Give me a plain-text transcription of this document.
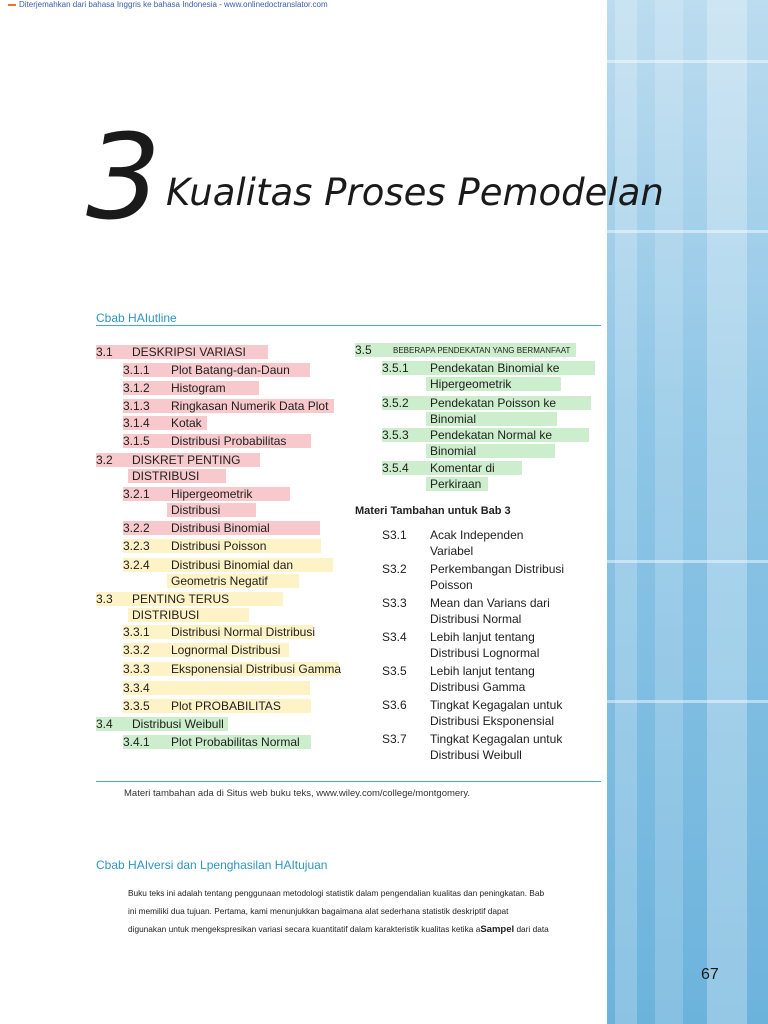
Diterjemahkan dari bahasa Inggris ke bahasa Indonesia - www.onlinedoctranslator.com
3 Kualitas Proses Pemodelan
Cbab HAIutline
3.1 DESKRIPSI VARIASI
3.1.1 Plot Batang-dan-Daun
3.1.2 Histogram
3.1.3 Ringkasan Numerik Data Plot
3.1.4 Kotak
3.1.5 Distribusi Probabilitas
3.2 DISKRET PENTING
DISTRIBUSI
3.2.1 Hipergeometrik
Distribusi
3.2.2 Distribusi Binomial
3.2.3 Distribusi Poisson
3.2.4 Distribusi Binomial dan
Geometris Negatif
3.3 PENTING TERUS
DISTRIBUSI
3.3.1 Distribusi Normal Distribusi
3.3.2 Lognormal Distribusi
3.3.3 Eksponensial Distribusi Gamma
3.3.4
3.3.5 Plot PROBABILITAS
3.4 Distribusi Weibull
3.4.1 Plot Probabilitas Normal
3.5	BEBERAPA PENDEKATAN YANG BERMANFAAT
3.5.1 Pendekatan Binomial ke
Hipergeometrik
3.5.2 Pendekatan Poisson ke
Binomial
3.5.3 Pendekatan Normal ke
Binomial
3.5.4 Komentar di
Perkiraan
Materi Tambahan untuk Bab 3
S3.1 Acak Independen
Variabel
S3.2 Perkembangan Distribusi
Poisson
S3.3 Mean dan Varians dari
Distribusi Normal
S3.4 Lebih lanjut tentang
Distribusi Lognormal
S3.5 Lebih lanjut tentang
Distribusi Gamma
S3.6 Tingkat Kegagalan untuk
Distribusi Eksponensial
S3.7 Tingkat Kegagalan untuk
Distribusi Weibull
Materi tambahan ada di Situs web buku teks, www.wiley.com/college/montgomery.
Cbab HAIversi dan Lpenghasilan HAItujuan
Buku teks ini adalah tentang penggunaan metodologi statistik dalam pengendalian kualitas dan peningkatan. Bab
ini memiliki dua tujuan. Pertama, kami menunjukkan bagaimana alat sederhana statistik deskriptif dapat
digunakan untuk mengekspresikan variasi secara kuantitatif dalam karakteristik kualitas ketika aSampel dari data
67
